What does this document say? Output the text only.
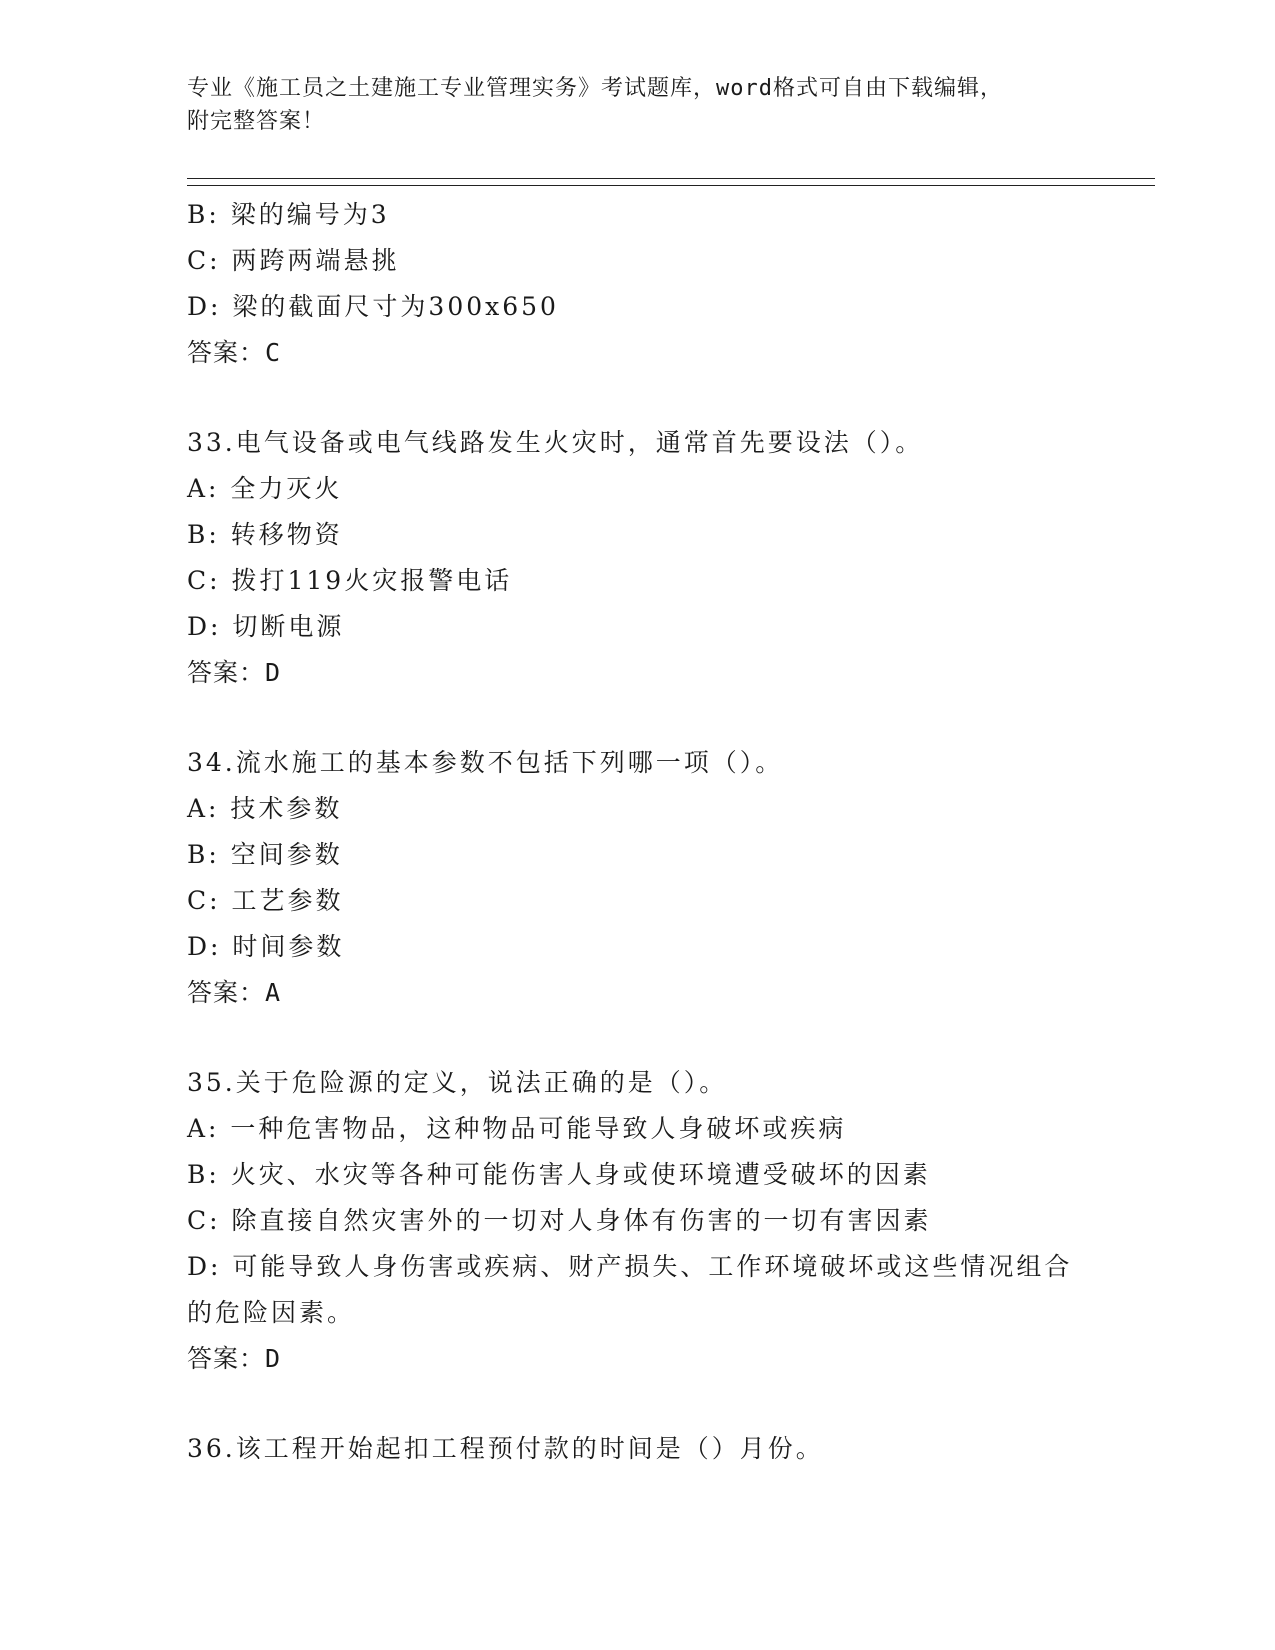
专业《施工员之土建施工专业管理实务》考试题库，word格式可自由下载编辑，
附完整答案！
B: 梁的编号为3
C: 两跨两端悬挑
D: 梁的截面尺寸为300x650
答案：C
33.电气设备或电气线路发生火灾时，通常首先要设法（）。
A: 全力灭火
B: 转移物资
C: 拨打119火灾报警电话
D: 切断电源
答案：D
34.流水施工的基本参数不包括下列哪一项（）。
A: 技术参数
B: 空间参数
C: 工艺参数
D: 时间参数
答案：A
35.关于危险源的定义，说法正确的是（）。
A: 一种危害物品，这种物品可能导致人身破坏或疾病
B: 火灾、水灾等各种可能伤害人身或使环境遭受破坏的因素
C: 除直接自然灾害外的一切对人身体有伤害的一切有害因素
D: 可能导致人身伤害或疾病、财产损失、工作环境破坏或这些情况组合的危险因素。
答案：D
36.该工程开始起扣工程预付款的时间是（）月份。
